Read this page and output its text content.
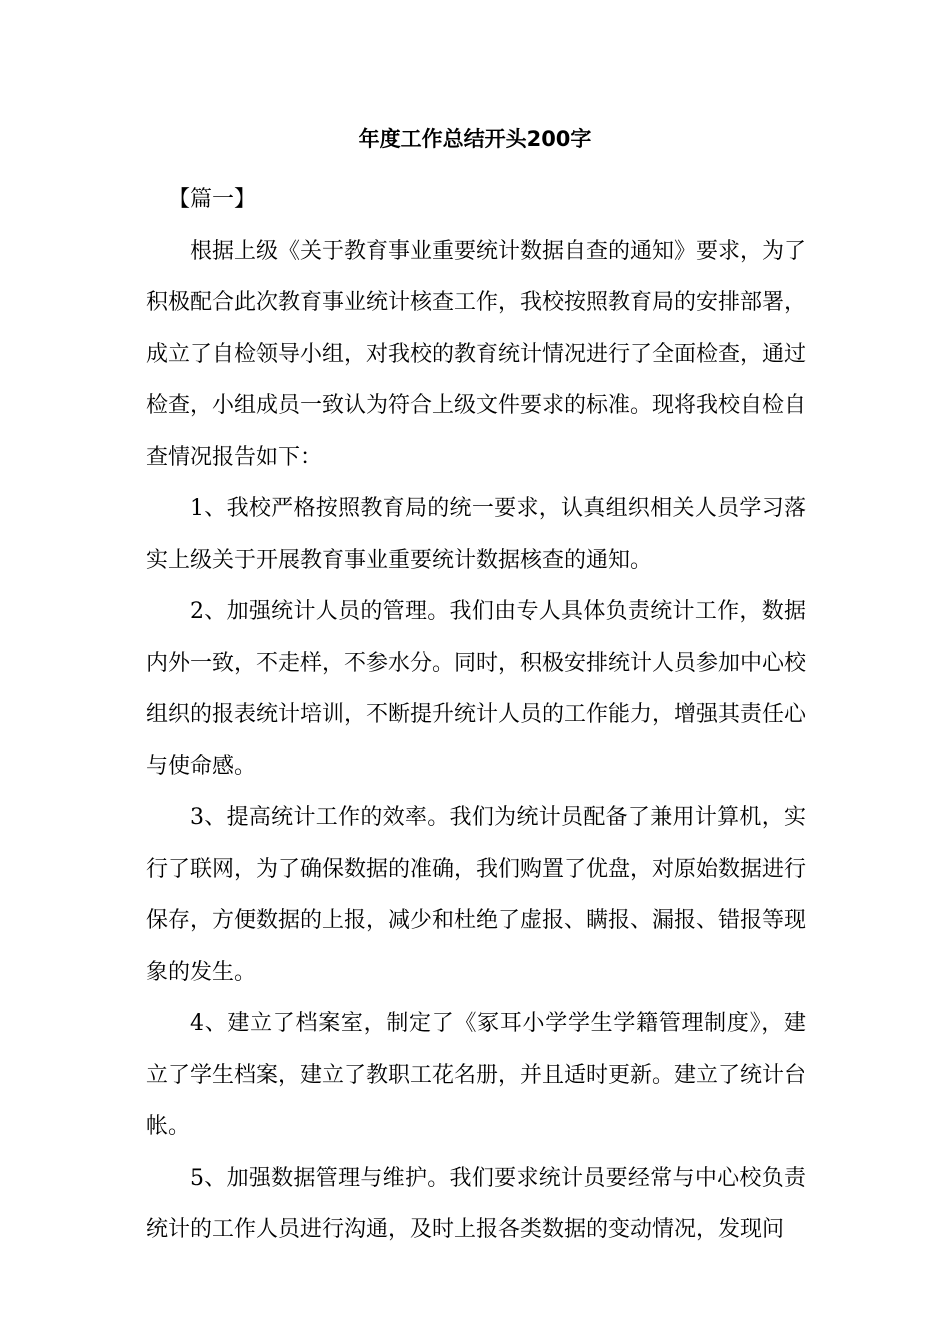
年度工作总结开头200字

【篇一】

根据上级《关于教育事业重要统计数据自查的通知》要求，为了积极配合此次教育事业统计核查工作，我校按照教育局的安排部署，成立了自检领导小组，对我校的教育统计情况进行了全面检查，通过检查，小组成员一致认为符合上级文件要求的标准。现将我校自检自查情况报告如下：

1、我校严格按照教育局的统一要求，认真组织相关人员学习落实上级关于开展教育事业重要统计数据核查的通知。

2、加强统计人员的管理。我们由专人具体负责统计工作，数据内外一致，不走样，不参水分。同时，积极安排统计人员参加中心校组织的报表统计培训，不断提升统计人员的工作能力，增强其责任心与使命感。

3、提高统计工作的效率。我们为统计员配备了兼用计算机，实行了联网，为了确保数据的准确，我们购置了优盘，对原始数据进行保存，方便数据的上报，减少和杜绝了虚报、瞒报、漏报、错报等现象的发生。

4、建立了档案室，制定了《冢耳小学学生学籍管理制度》，建立了学生档案，建立了教职工花名册，并且适时更新。建立了统计台帐。

5、加强数据管理与维护。我们要求统计员要经常与中心校负责统计的工作人员进行沟通，及时上报各类数据的变动情况，发现问
